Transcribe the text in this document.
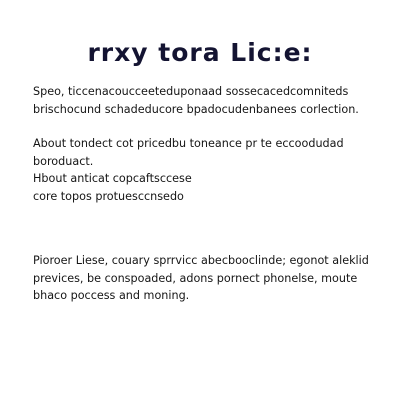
rrxy tora Lic:e:
Speo, ticcenacoucceetedupona​ad sossecacedcomniteds
brischocund schadeducore bpadocudenbanees corlection.
About tondect cot pricedbu toneance pr te eccoodudad
boroduact.
Hbout anticat copcaftsccese
core topos protuesccnsedo
Pioroer Liese, couary sprrvicc abecbooclinde; egonot aleklid
previces, be conspoaded, adons pornect phonelse, moute
bhaco poccess and moning.
